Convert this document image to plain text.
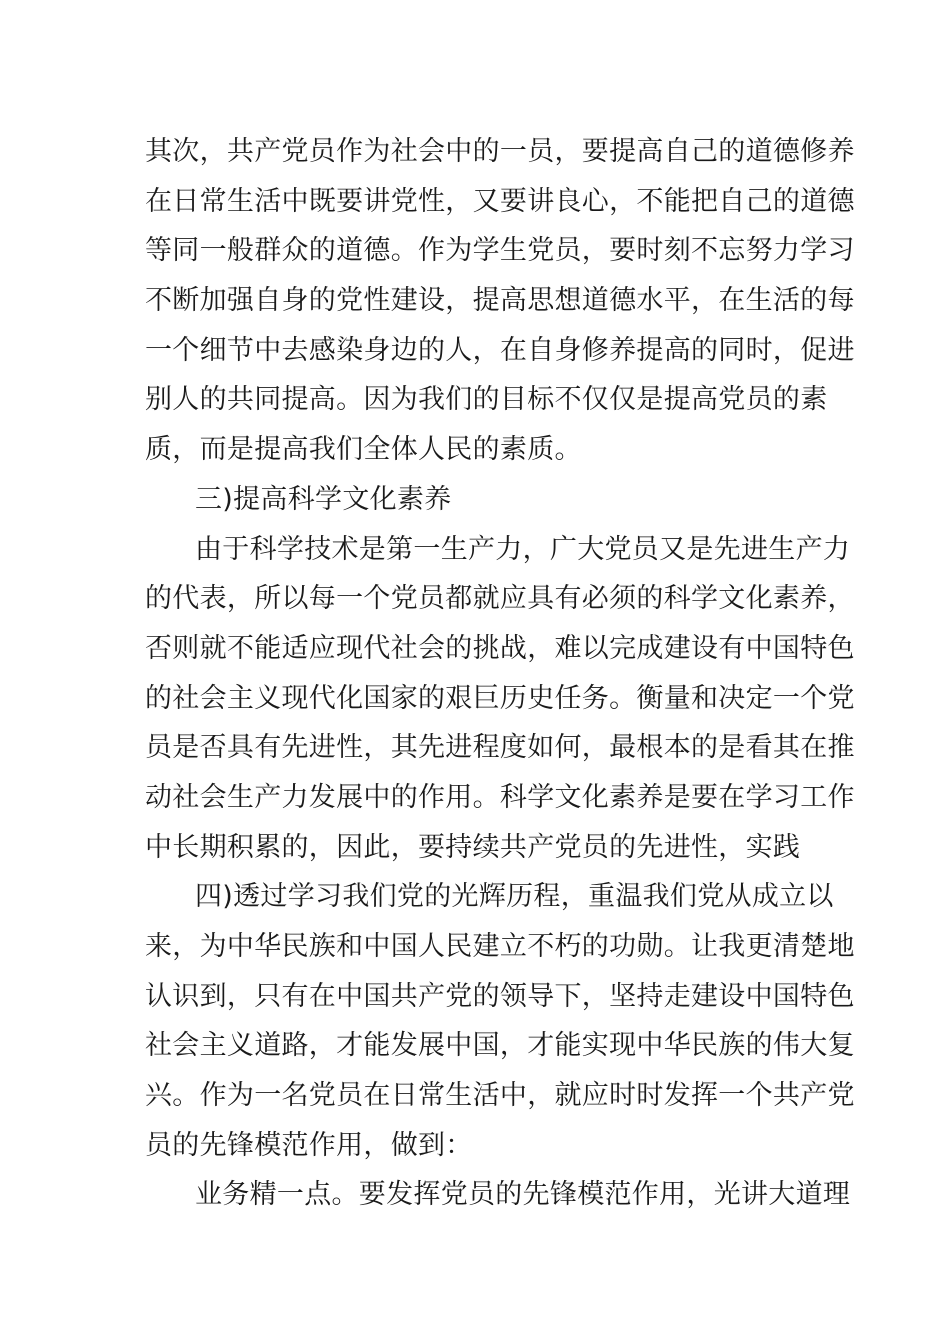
其次，共产党员作为社会中的一员，要提高自己的道德修养
在日常生活中既要讲党性，又要讲良心，不能把自己的道德
等同一般群众的道德。作为学生党员，要时刻不忘努力学习
不断加强自身的党性建设，提高思想道德水平，在生活的每
一个细节中去感染身边的人，在自身修养提高的同时，促进
别人的共同提高。因为我们的目标不仅仅是提高党员的素
质，而是提高我们全体人民的素质。
三)提高科学文化素养
由于科学技术是第一生产力，广大党员又是先进生产力
的代表，所以每一个党员都就应具有必须的科学文化素养，
否则就不能适应现代社会的挑战，难以完成建设有中国特色
的社会主义现代化国家的艰巨历史任务。衡量和决定一个党
员是否具有先进性，其先进程度如何，最根本的是看其在推
动社会生产力发展中的作用。科学文化素养是要在学习工作
中长期积累的，因此，要持续共产党员的先进性，实践
四)透过学习我们党的光辉历程，重温我们党从成立以
来，为中华民族和中国人民建立不朽的功勋。让我更清楚地
认识到，只有在中国共产党的领导下，坚持走建设中国特色
社会主义道路，才能发展中国，才能实现中华民族的伟大复
兴。作为一名党员在日常生活中，就应时时发挥一个共产党
员的先锋模范作用，做到：
业务精一点。要发挥党员的先锋模范作用，光讲大道理
